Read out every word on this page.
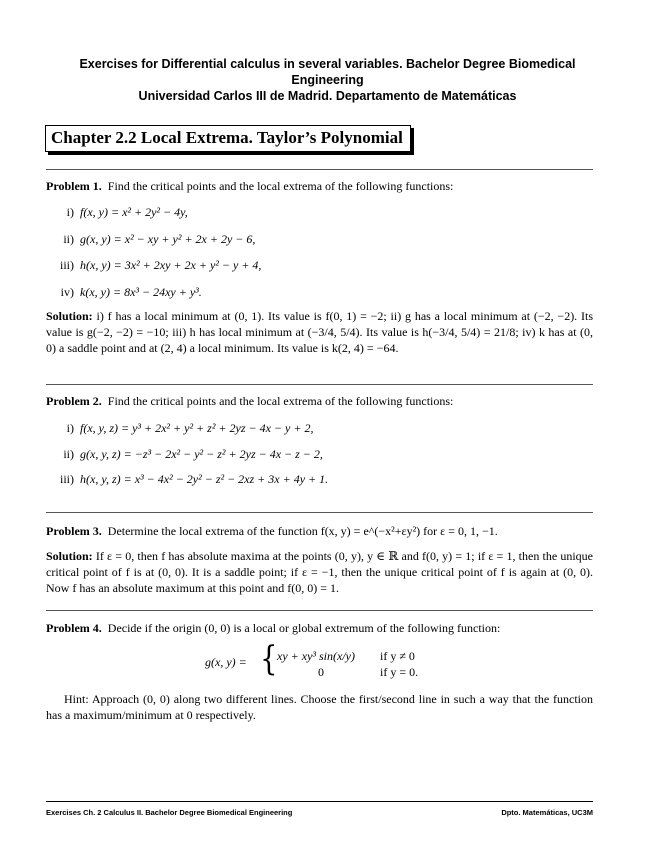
Exercises for Differential calculus in several variables. Bachelor Degree Biomedical
Engineering
Universidad Carlos III de Madrid. Departamento de Matemáticas
Chapter 2.2 Local Extrema. Taylor’s Polynomial
Problem 1. Find the critical points and the local extrema of the following functions:
i) f(x, y) = x² + 2y² − 4y,
ii) g(x, y) = x² − xy + y² + 2x + 2y − 6,
iii) h(x, y) = 3x² + 2xy + 2x + y² − y + 4,
iv) k(x, y) = 8x³ − 24xy + y³.
Solution: i) f has a local minimum at (0, 1). Its value is f(0, 1) = −2; ii) g has a local minimum at (−2, −2). Its value is g(−2, −2) = −10; iii) h has local minimum at (−3/4, 5/4). Its value is h(−3/4, 5/4) = 21/8; iv) k has at (0, 0) a saddle point and at (2, 4) a local minimum. Its value is k(2, 4) = −64.
Problem 2. Find the critical points and the local extrema of the following functions:
i) f(x, y, z) = y³ + 2x² + y² + z² + 2yz − 4x − y + 2,
ii) g(x, y, z) = −z³ − 2x² − y² − z² + 2yz − 4x − z − 2,
iii) h(x, y, z) = x³ − 4x² − 2y² − z² − 2xz + 3x + 4y + 1.
Problem 3. Determine the local extrema of the function f(x, y) = e^(−x²+εy²) for ε = 0, 1, −1.
Solution: If ε = 0, then f has absolute maxima at the points (0, y), y ∈ ℝ and f(0, y) = 1; if ε = 1, then the unique critical point of f is at (0, 0). It is a saddle point; if ε = −1, then the unique critical point of f is again at (0, 0). Now f has an absolute maximum at this point and f(0, 0) = 1.
Problem 4. Decide if the origin (0, 0) is a local or global extremum of the following function:
g(x, y) = { xy + xy³ sin(x/y) if y ≠ 0
0	if y = 0.
Hint: Approach (0, 0) along two different lines. Choose the first/second line in such a way that the function has a maximum/minimum at 0 respectively.
Exercises Ch. 2 Calculus II. Bachelor Degree Biomedical Engineering	Dpto. Matemáticas, UC3M
